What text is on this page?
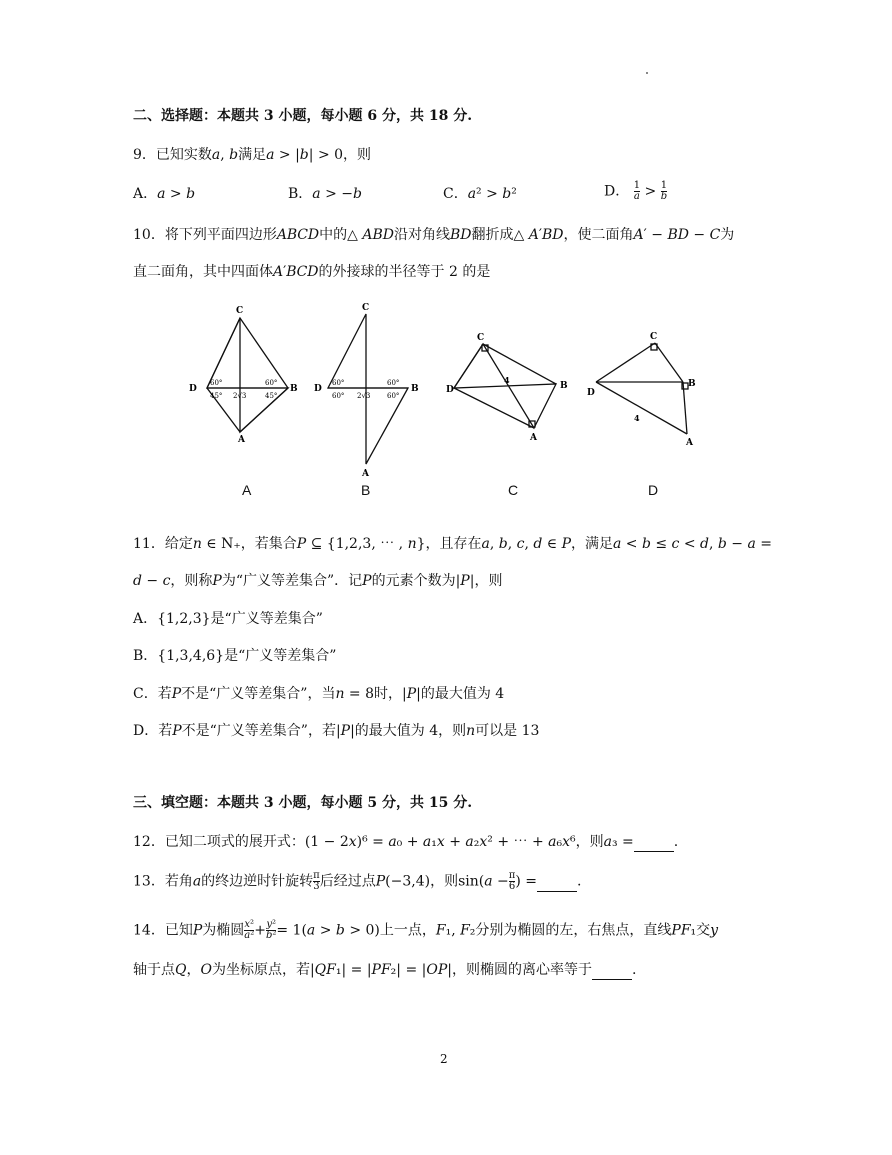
二、选择题：本题共 3 小题，每小题 6 分，共 18 分.
9．已知实数𝑎, 𝑏满足𝑎 > |𝑏| > 0，则
A．𝑎 > 𝑏	B．𝑎 > −𝑏	C．𝑎² > 𝑏²	D． $\frac{1}{\text{𝑎}} > \frac{1}{\text{𝑏}}$
10．将下列平面四边形𝐴𝐵𝐶𝐷中的△ 𝐴𝐵𝐷沿对角线𝐵𝐷翻折成△ 𝐴′𝐵𝐷，使二面角𝐴′ − 𝐵𝐷 − 𝐶为
直二面角，其中四面体𝐴′𝐵𝐶𝐷的外接球的半径等于 2 的是
C
D	B
A
60°	60°
45°	45°
2√3
C
D	B
A
60°	60°
60°	60°
2√3
C
D	B
A
4
C
D
B
A
4
A	B	C	D
11．给定𝑛 ∈ N₊，若集合𝑃 ⊆ {1,2,3, ⋯ , 𝑛}，且存在𝑎, 𝑏, 𝑐, 𝑑 ∈ 𝑃，满足𝑎 < 𝑏 ≤ 𝑐 < 𝑑, 𝑏 − 𝑎 =
𝑑 − 𝑐，则称𝑃为“广义等差集合”．记𝑃的元素个数为|𝑃|，则
A．{1,2,3}是“广义等差集合”
B．{1,3,4,6}是“广义等差集合”
C．若𝑃不是“广义等差集合”，当𝑛 = 8时，|𝑃|的最大值为 4
D．若𝑃不是“广义等差集合”，若|𝑃|的最大值为 4，则𝑛可以是 13
三、填空题：本题共 3 小题，每小题 5 分，共 15 分.
12．已知二项式的展开式：(1 − 2𝑥)⁶ = 𝑎₀ + 𝑎₁𝑥 + 𝑎₂𝑥² + ⋯ + 𝑎₆𝑥⁶，则𝑎₃ =	.
13．若角𝑎的终边逆时针旋转 $\frac{\pi}{3}$ 后经过点𝑃(−3,4)，则sin(𝑎 − $\frac{\pi}{6}$ ) =	.
14．已知𝑃为椭圆 $\frac{\text{𝑥²}}{\text{𝑎²}} + \frac{\text{𝑦²}}{\text{𝑏²}}$ = 1(𝑎 > 𝑏 > 0)上一点，𝐹₁, 𝐹₂分别为椭圆的左，右焦点，直线𝑃𝐹₁交𝑦
轴于点𝑄，𝑂为坐标原点，若|𝑄𝐹₁| = |𝑃𝐹₂| = |𝑂𝑃|，则椭圆的离心率等于	.
2
